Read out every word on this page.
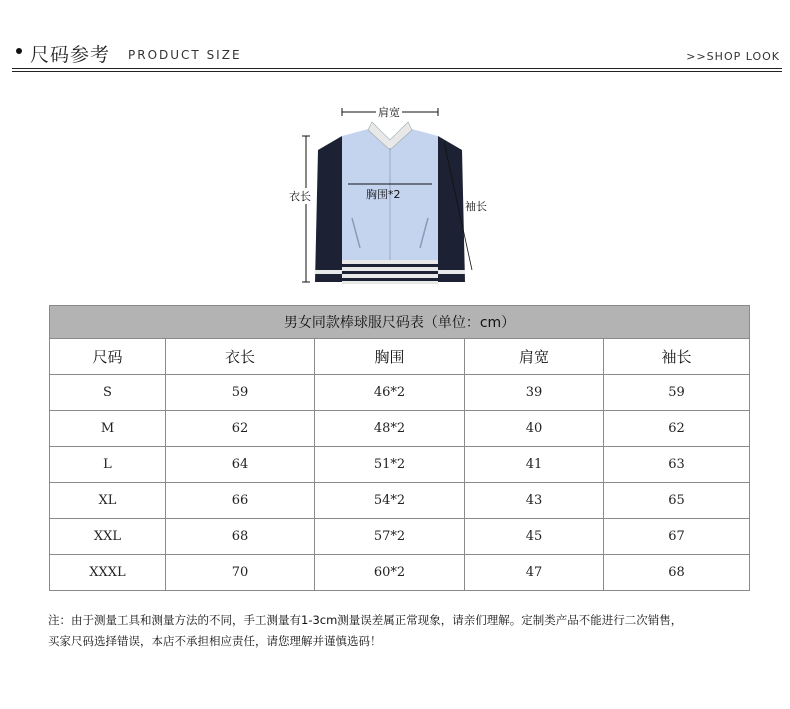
尺码参考 PRODUCT SIZE	>>SHOP LOOK
肩宽
衣长	胸围*2
袖长
男女同款棒球服尺码表（单位：cm）				
尺码	衣长	胸围	肩宽	袖长
S	59	46*2	39	59
M	62	48*2	40	62
L	64	51*2	41	63
XL	66	54*2	43	65
XXL	68	57*2	45	67
XXXL	70	60*2	47	68
注：由于测量工具和测量方法的不同，手工测量有1-3cm测量误差属正常现象，请亲们理解。定制类产品不能进行二次销售，
买家尺码选择错误，本店不承担相应责任，请您理解并谨慎选码！
